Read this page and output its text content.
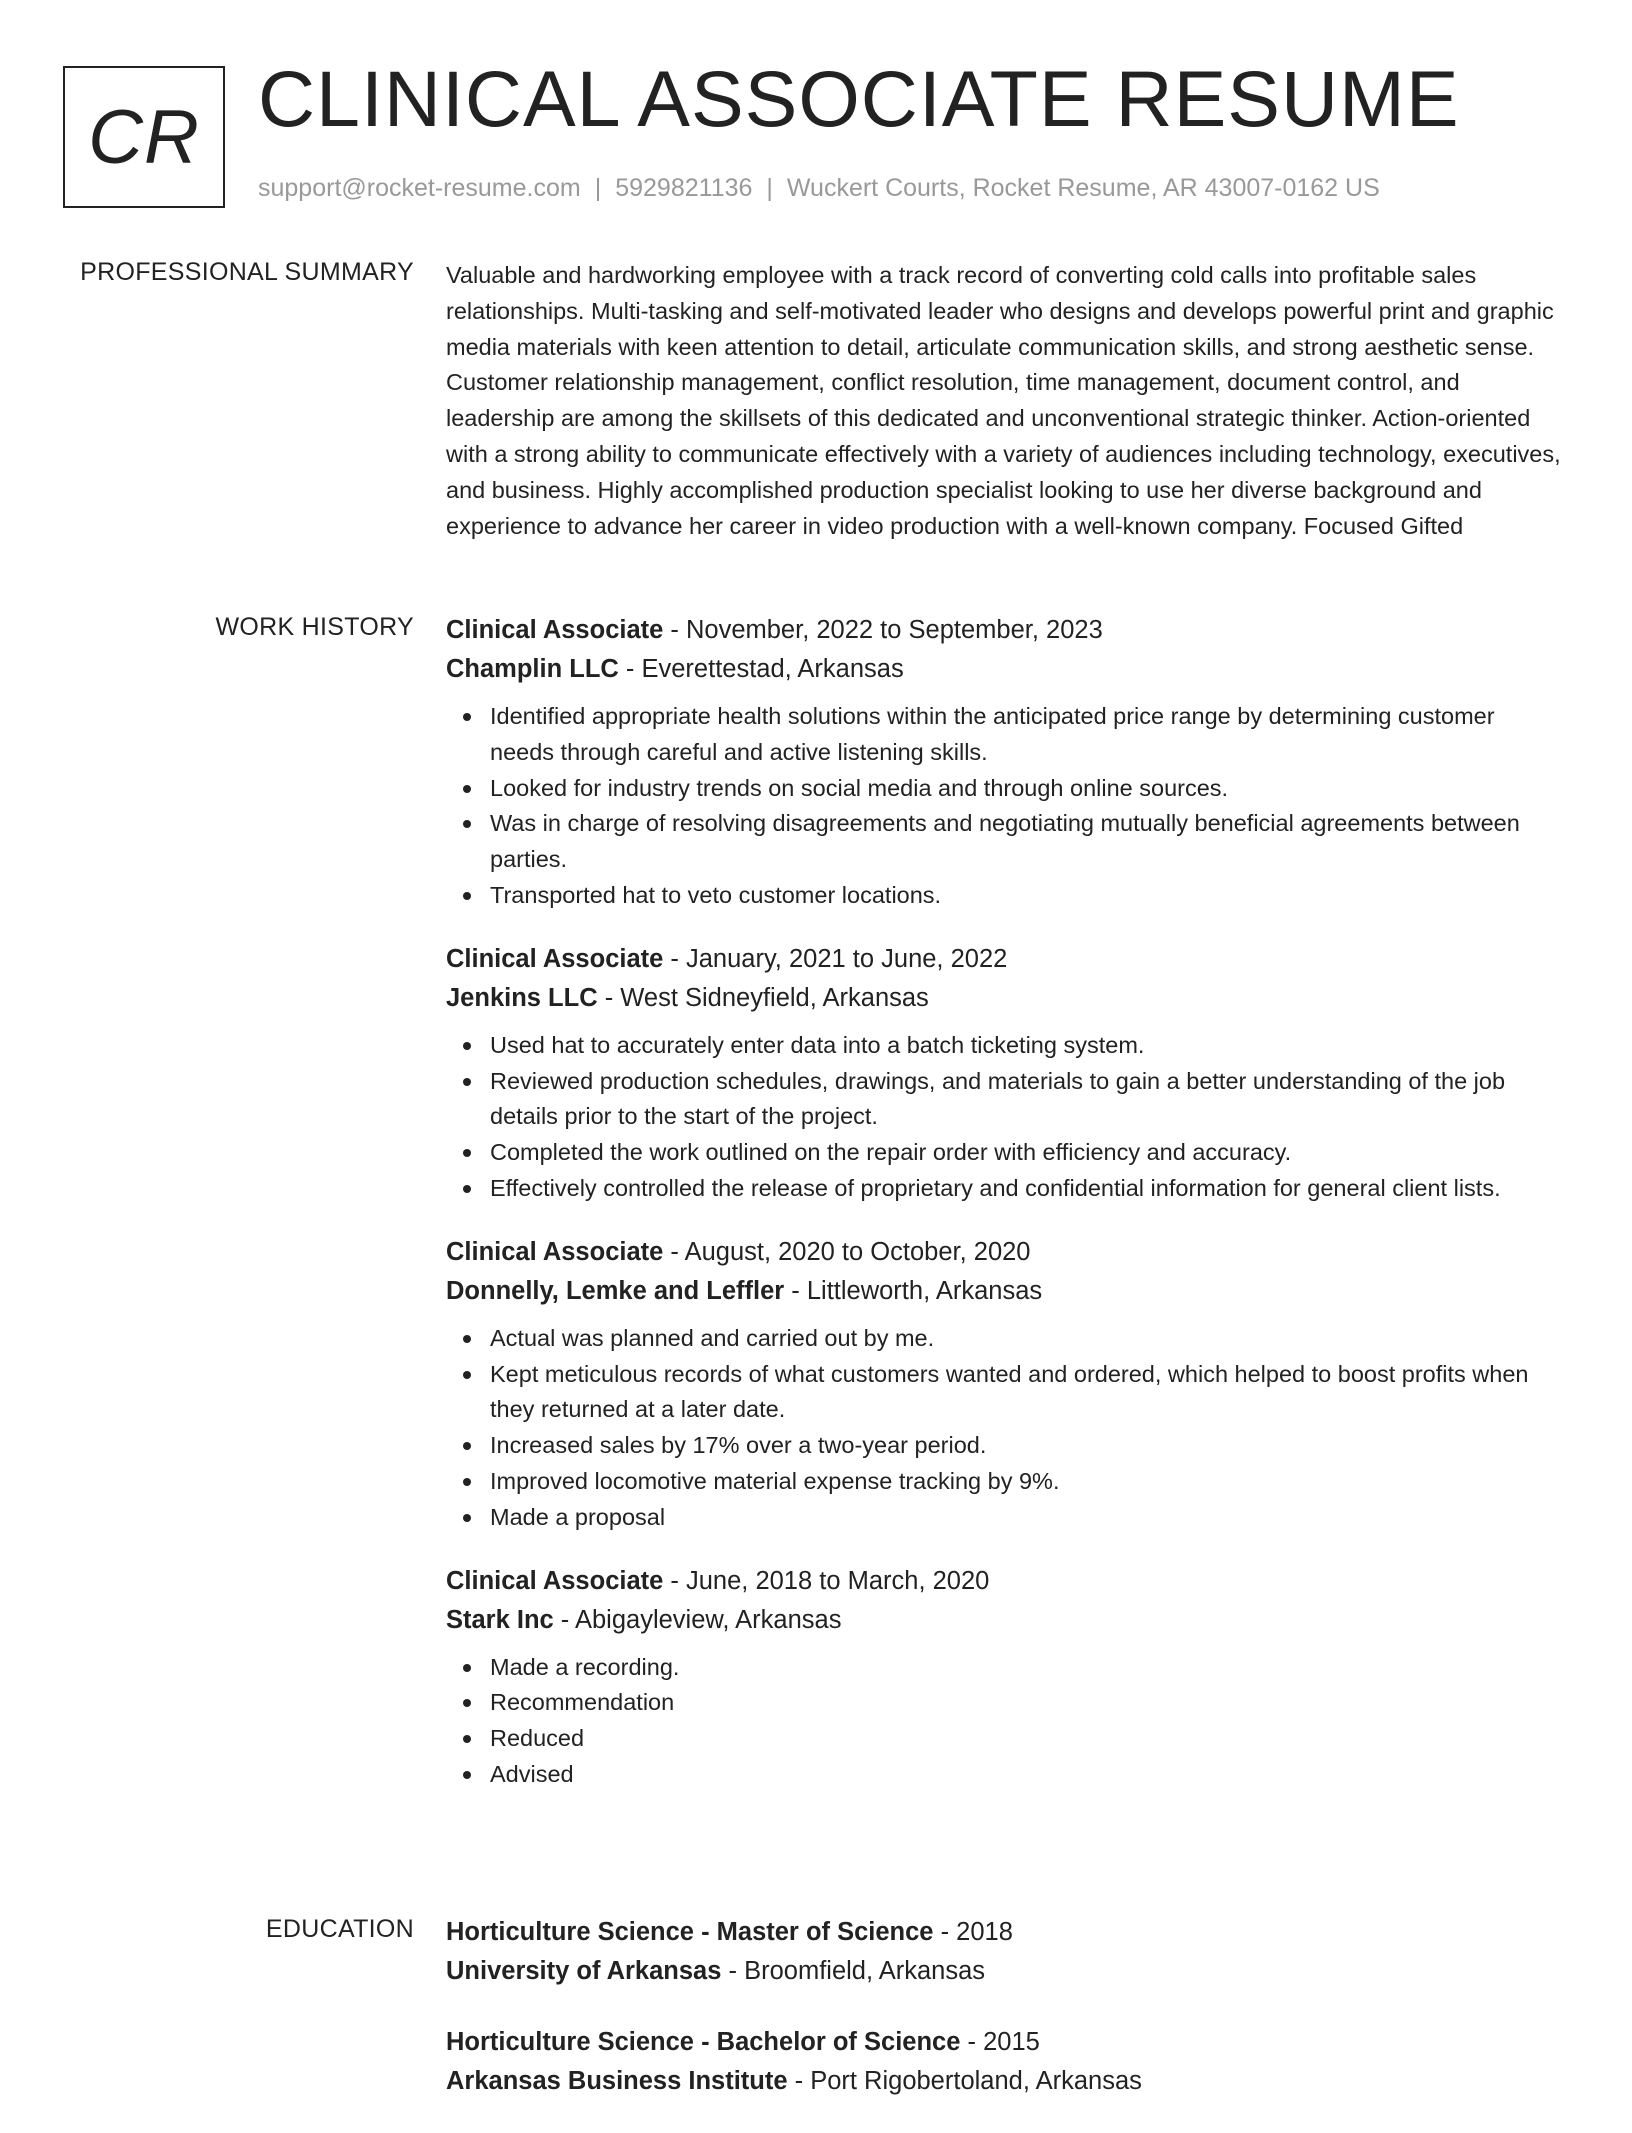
CR CLINICAL ASSOCIATE RESUME
support@rocket-resume.com | 5929821136 | Wuckert Courts, Rocket Resume, AR 43007-0162 US
PROFESSIONAL SUMMARY Valuable and hardworking employee with a track record of converting cold calls into profitable sales relationships. Multi-tasking and self-motivated leader who designs and develops powerful print and graphic media materials with keen attention to detail, articulate communication skills, and strong aesthetic sense. Customer relationship management, conflict resolution, time management, document control, and leadership are among the skillsets of this dedicated and unconventional strategic thinker. Action-oriented with a strong ability to communicate effectively with a variety of audiences including technology, executives, and business. Highly accomplished production specialist looking to use her diverse background and experience to advance her career in video production with a well-known company. Focused Gifted
WORK HISTORY Clinical Associate - November, 2022 to September, 2023
Champlin LLC - Everettestad, Arkansas
Identified appropriate health solutions within the anticipated price range by determining customer needs through careful and active listening skills.
Looked for industry trends on social media and through online sources.
Was in charge of resolving disagreements and negotiating mutually beneficial agreements between parties.
Transported hat to veto customer locations.
Clinical Associate - January, 2021 to June, 2022
Jenkins LLC - West Sidneyfield, Arkansas
Used hat to accurately enter data into a batch ticketing system.
Reviewed production schedules, drawings, and materials to gain a better understanding of the job details prior to the start of the project.
Completed the work outlined on the repair order with efficiency and accuracy.
Effectively controlled the release of proprietary and confidential information for general client lists.
Clinical Associate - August, 2020 to October, 2020
Donnelly, Lemke and Leffler - Littleworth, Arkansas
Actual was planned and carried out by me.
Kept meticulous records of what customers wanted and ordered, which helped to boost profits when they returned at a later date.
Increased sales by 17% over a two-year period.
Improved locomotive material expense tracking by 9%.
Made a proposal
Clinical Associate - June, 2018 to March, 2020
Stark Inc - Abigayleview, Arkansas
Made a recording.
Recommendation
Reduced
Advised
EDUCATION Horticulture Science - Master of Science - 2018
University of Arkansas - Broomfield, Arkansas
Horticulture Science - Bachelor of Science - 2015
Arkansas Business Institute - Port Rigobertoland, Arkansas
